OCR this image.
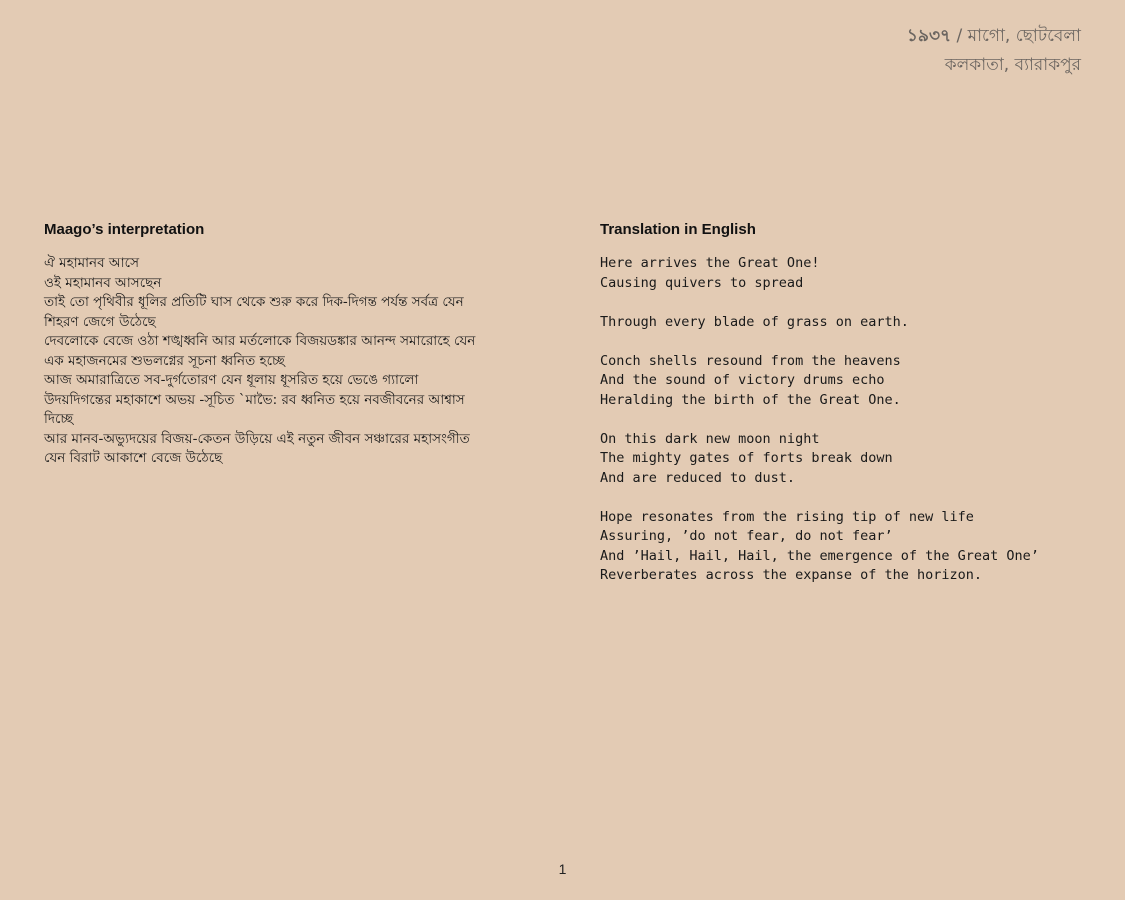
১৯৩৭ / মাগো, ছোটবেলা
কলকাতা, ব্যারাকপুর
Maago’s interpretation
ঐ মহামানব আসে
ওই মহামানব আসছেন
তাই তো পৃথিবীর ধূলির প্রতিটি ঘাস থেকে শুরু করে দিক-দিগন্ত পর্যন্ত সর্বত্র যেন
শিহরণ জেগে উঠেছে
দেবলোকে বেজে ওঠা শঙ্খধ্বনি আর মর্তলোকে বিজয়ডঙ্কার আনন্দ সমারোহে যেন
এক মহাজনমের শুভলগ্নের সূচনা ধ্বনিত হচ্ছে
আজ অমারাত্রিতে সব-দুর্গতোরণ যেন ধূলায় ধূসরিত হয়ে ভেঙে গ্যালো
উদয়দিগন্তের মহাকাশে অভয় -সূচিত `মাভৈ: রব ধ্বনিত হয়ে নবজীবনের আশ্বাস
দিচ্ছে
আর মানব-অভ্যুদয়ের বিজয়-কেতন উড়িয়ে এই নতুন জীবন সঞ্চারের মহাসংগীত
যেন বিরাট আকাশে বেজে উঠেছে
Translation in English
Here arrives the Great One!
Causing quivers to spread
Through every blade of grass on earth.
Conch shells resound from the heavens
And the sound of victory drums echo
Heralding the birth of the Great One.
On this dark new moon night
The mighty gates of forts break down
And are reduced to dust.
Hope resonates from the rising tip of new life
Assuring, ’do not fear, do not fear’
And ’Hail, Hail, Hail, the emergence of the Great One’
Reverberates across the expanse of the horizon.
1
